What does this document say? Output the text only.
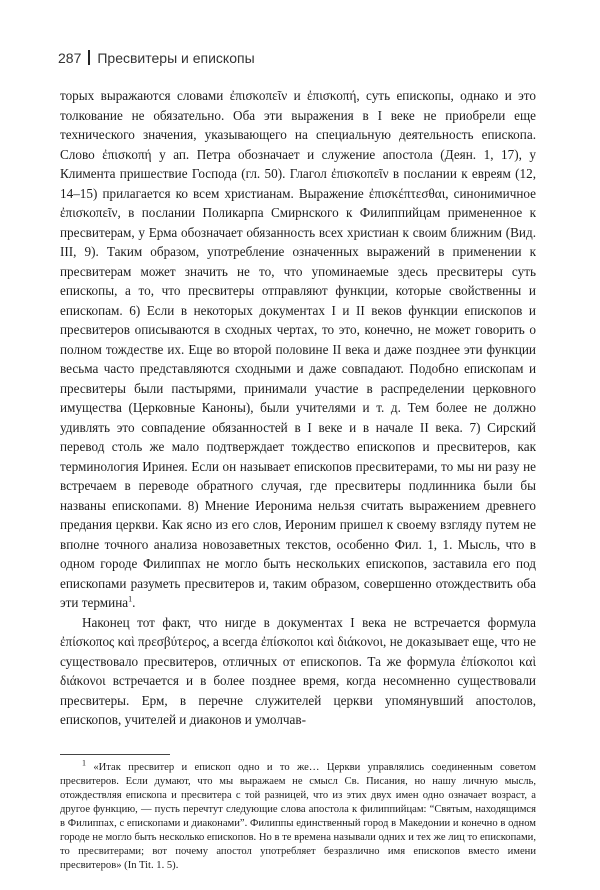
287 Пресвитеры и епископы

торых выражаются словами ἐπισκοπεῖν и ἐπισκοπή, суть епископы, однако и это толкование не обязательно. Оба эти выражения в I веке не приобрели еще технического значения, указывающего на специальную деятельность епископа. Слово ἐπισκοπή у ап. Петра обозначает и служение апостола (Деян. 1, 17), у Климента пришествие Господа (гл. 50). Глагол ἐπισκοπεῖν в послании к евреям (12, 14–15) прилагается ко всем христианам. Выражение ἐπισκέπτεσθαι, синонимичное ἐπισκοπεῖν, в послании Поликарпа Смирнского к Филиппийцам примененное к пресвитерам, у Ерма обозначает обязанность всех христиан к своим ближним (Вид. III, 9). Таким образом, употребление означенных выражений в применении к пресвитерам может значить не то, что упоминаемые здесь пресвитеры суть епископы, а то, что пресвитеры отправляют функции, которые свойственны и епископам. 6) Если в некоторых документах I и II веков функции епископов и пресвитеров описываются в сходных чертах, то это, конечно, не может говорить о полном тождестве их. Еще во второй половине II века и даже позднее эти функции весьма часто представляются сходными и даже совпадают. Подобно епископам и пресвитеры были пастырями, принимали участие в распределении церковного имущества (Церковные Каноны), были учителями и т. д. Тем более не должно удивлять это совпадение обязанностей в I веке и в начале II века. 7) Сирский перевод столь же мало подтверждает тождество епископов и пресвитеров, как терминология Иринея. Если он называет епископов пресвитерами, то мы ни разу не встречаем в переводе обратного случая, где пресвитеры подлинника были бы названы епископами. 8) Мнение Иеронима нельзя считать выражением древнего предания церкви. Как ясно из его слов, Иероним пришел к своему взгляду путем не вполне точного анализа новозаветных текстов, особенно Фил. 1, 1. Мысль, что в одном городе Филиппах не могло быть нескольких епископов, заставила его под епископами разуметь пресвитеров и, таким образом, совершенно отождествить оба эти термина$^1$.

Наконец тот факт, что нигде в документах I века не встречается формула ἐπίσκοπος καὶ πρεσβύτερος, а всегда ἐπίσκοποι καὶ διάκονοι, не доказывает еще, что не существовало пресвитеров, отличных от епископов. Та же формула ἐπίσκοποι καὶ διάκονοι встречается и в более позднее время, когда несомненно существовали пресвитеры. Ерм, в перечне служителей церкви упомянувший апостолов, епископов, учителей и диаконов и умолчав-

$^1$ «Итак пресвитер и епископ одно и то же… Церкви управлялись соединенным советом пресвитеров. Если думают, что мы выражаем не смысл Св. Писания, но нашу личную мысль, отождествляя епископа и пресвитера с той разницей, что из этих двух имен одно означает возраст, а другое функцию, — пусть перечтут следующие слова апостола к филиппийцам: “Святым, находящимся в Филиппах, с епископами и диаконами”. Филиппы единственный город в Македонии и конечно в одном городе не могло быть несколько епископов. Но в те времена называли одних и тех же лиц то епископами, то пресвитерами; вот почему апостол употребляет безразлично имя епископов вместо имени пресвитеров» (In Tit. 1. 5).
